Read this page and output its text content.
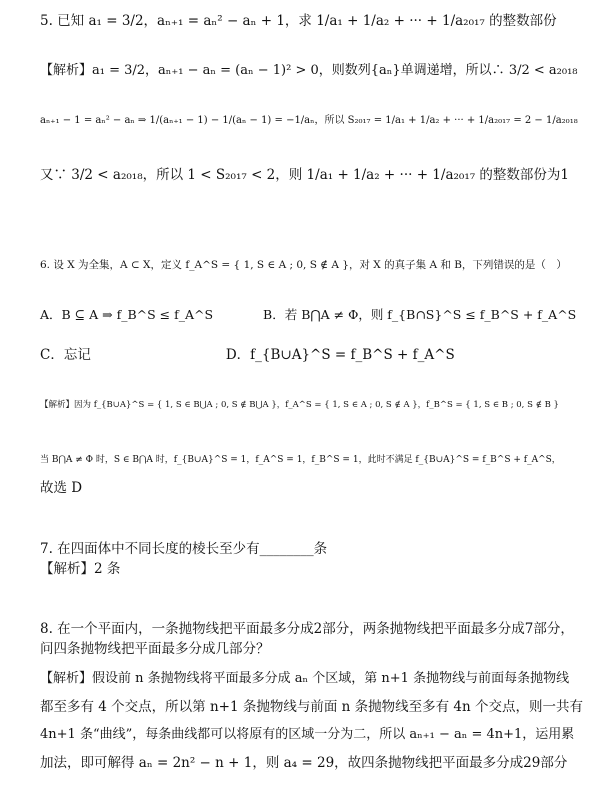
5. 已知 a₁ = 3/2，aₙ₊₁ = aₙ² − aₙ + 1，求 1/a₁ + 1/a₂ + ··· + 1/a₂₀₁₇ 的整数部份
【解析】a₁ = 3/2，aₙ₊₁ − aₙ = (aₙ − 1)² > 0，则数列{aₙ}单调递增，所以∴ 3/2 < a₂₀₁₈
aₙ₊₁ − 1 = aₙ² − aₙ ⇒ 1/(aₙ₊₁ − 1) − 1/(aₙ − 1) = −1/aₙ，所以 S₂₀₁₇ = 1/a₁ + 1/a₂ + ··· + 1/a₂₀₁₇ = 2 − 1/a₂₀₁₈
又∵ 3/2 < a₂₀₁₈，所以 1 < S₂₀₁₇ < 2，则 1/a₁ + 1/a₂ + ··· + 1/a₂₀₁₇ 的整数部份为1
6. 设 X 为全集，A ⊂ X，定义 f_A^S = { 1, S ∈ A ; 0, S ∉ A }，对 X 的真子集 A 和 B，下列错误的是（　）
A．B ⊆ A ⇒ f_B^S ≤ f_A^S　　　　B．若 B⋂A ≠ Φ，则 f_{B∩S}^S ≤ f_B^S + f_A^S
C．忘记　　　　　　　　　　D．f_{B∪A}^S = f_B^S + f_A^S
【解析】因为 f_{B∪A}^S = { 1, S ∈ B⋃A ; 0, S ∉ B⋃A }，f_A^S = { 1, S ∈ A ; 0, S ∉ A }，f_B^S = { 1, S ∈ B ; 0, S ∉ B }
当 B⋂A ≠ Φ 时，S ∈ B⋂A 时，f_{B∪A}^S = 1，f_A^S = 1，f_B^S = 1，此时不满足 f_{B∪A}^S = f_B^S + f_A^S，
故选 D
7. 在四面体中不同长度的棱长至少有________条
【解析】2 条
8. 在一个平面内，一条抛物线把平面最多分成2部分，两条抛物线把平面最多分成7部分，
问四条抛物线把平面最多分成几部分？
【解析】假设前 n 条抛物线将平面最多分成 aₙ 个区域，第 n+1 条抛物线与前面每条抛物线
都至多有 4 个交点，所以第 n+1 条抛物线与前面 n 条抛物线至多有 4n 个交点，则一共有
4n+1 条“曲线”，每条曲线都可以将原有的区域一分为二，所以 aₙ₊₁ − aₙ = 4n+1，运用累
加法，即可解得 aₙ = 2n² − n + 1，则 a₄ = 29，故四条抛物线把平面最多分成29部分
